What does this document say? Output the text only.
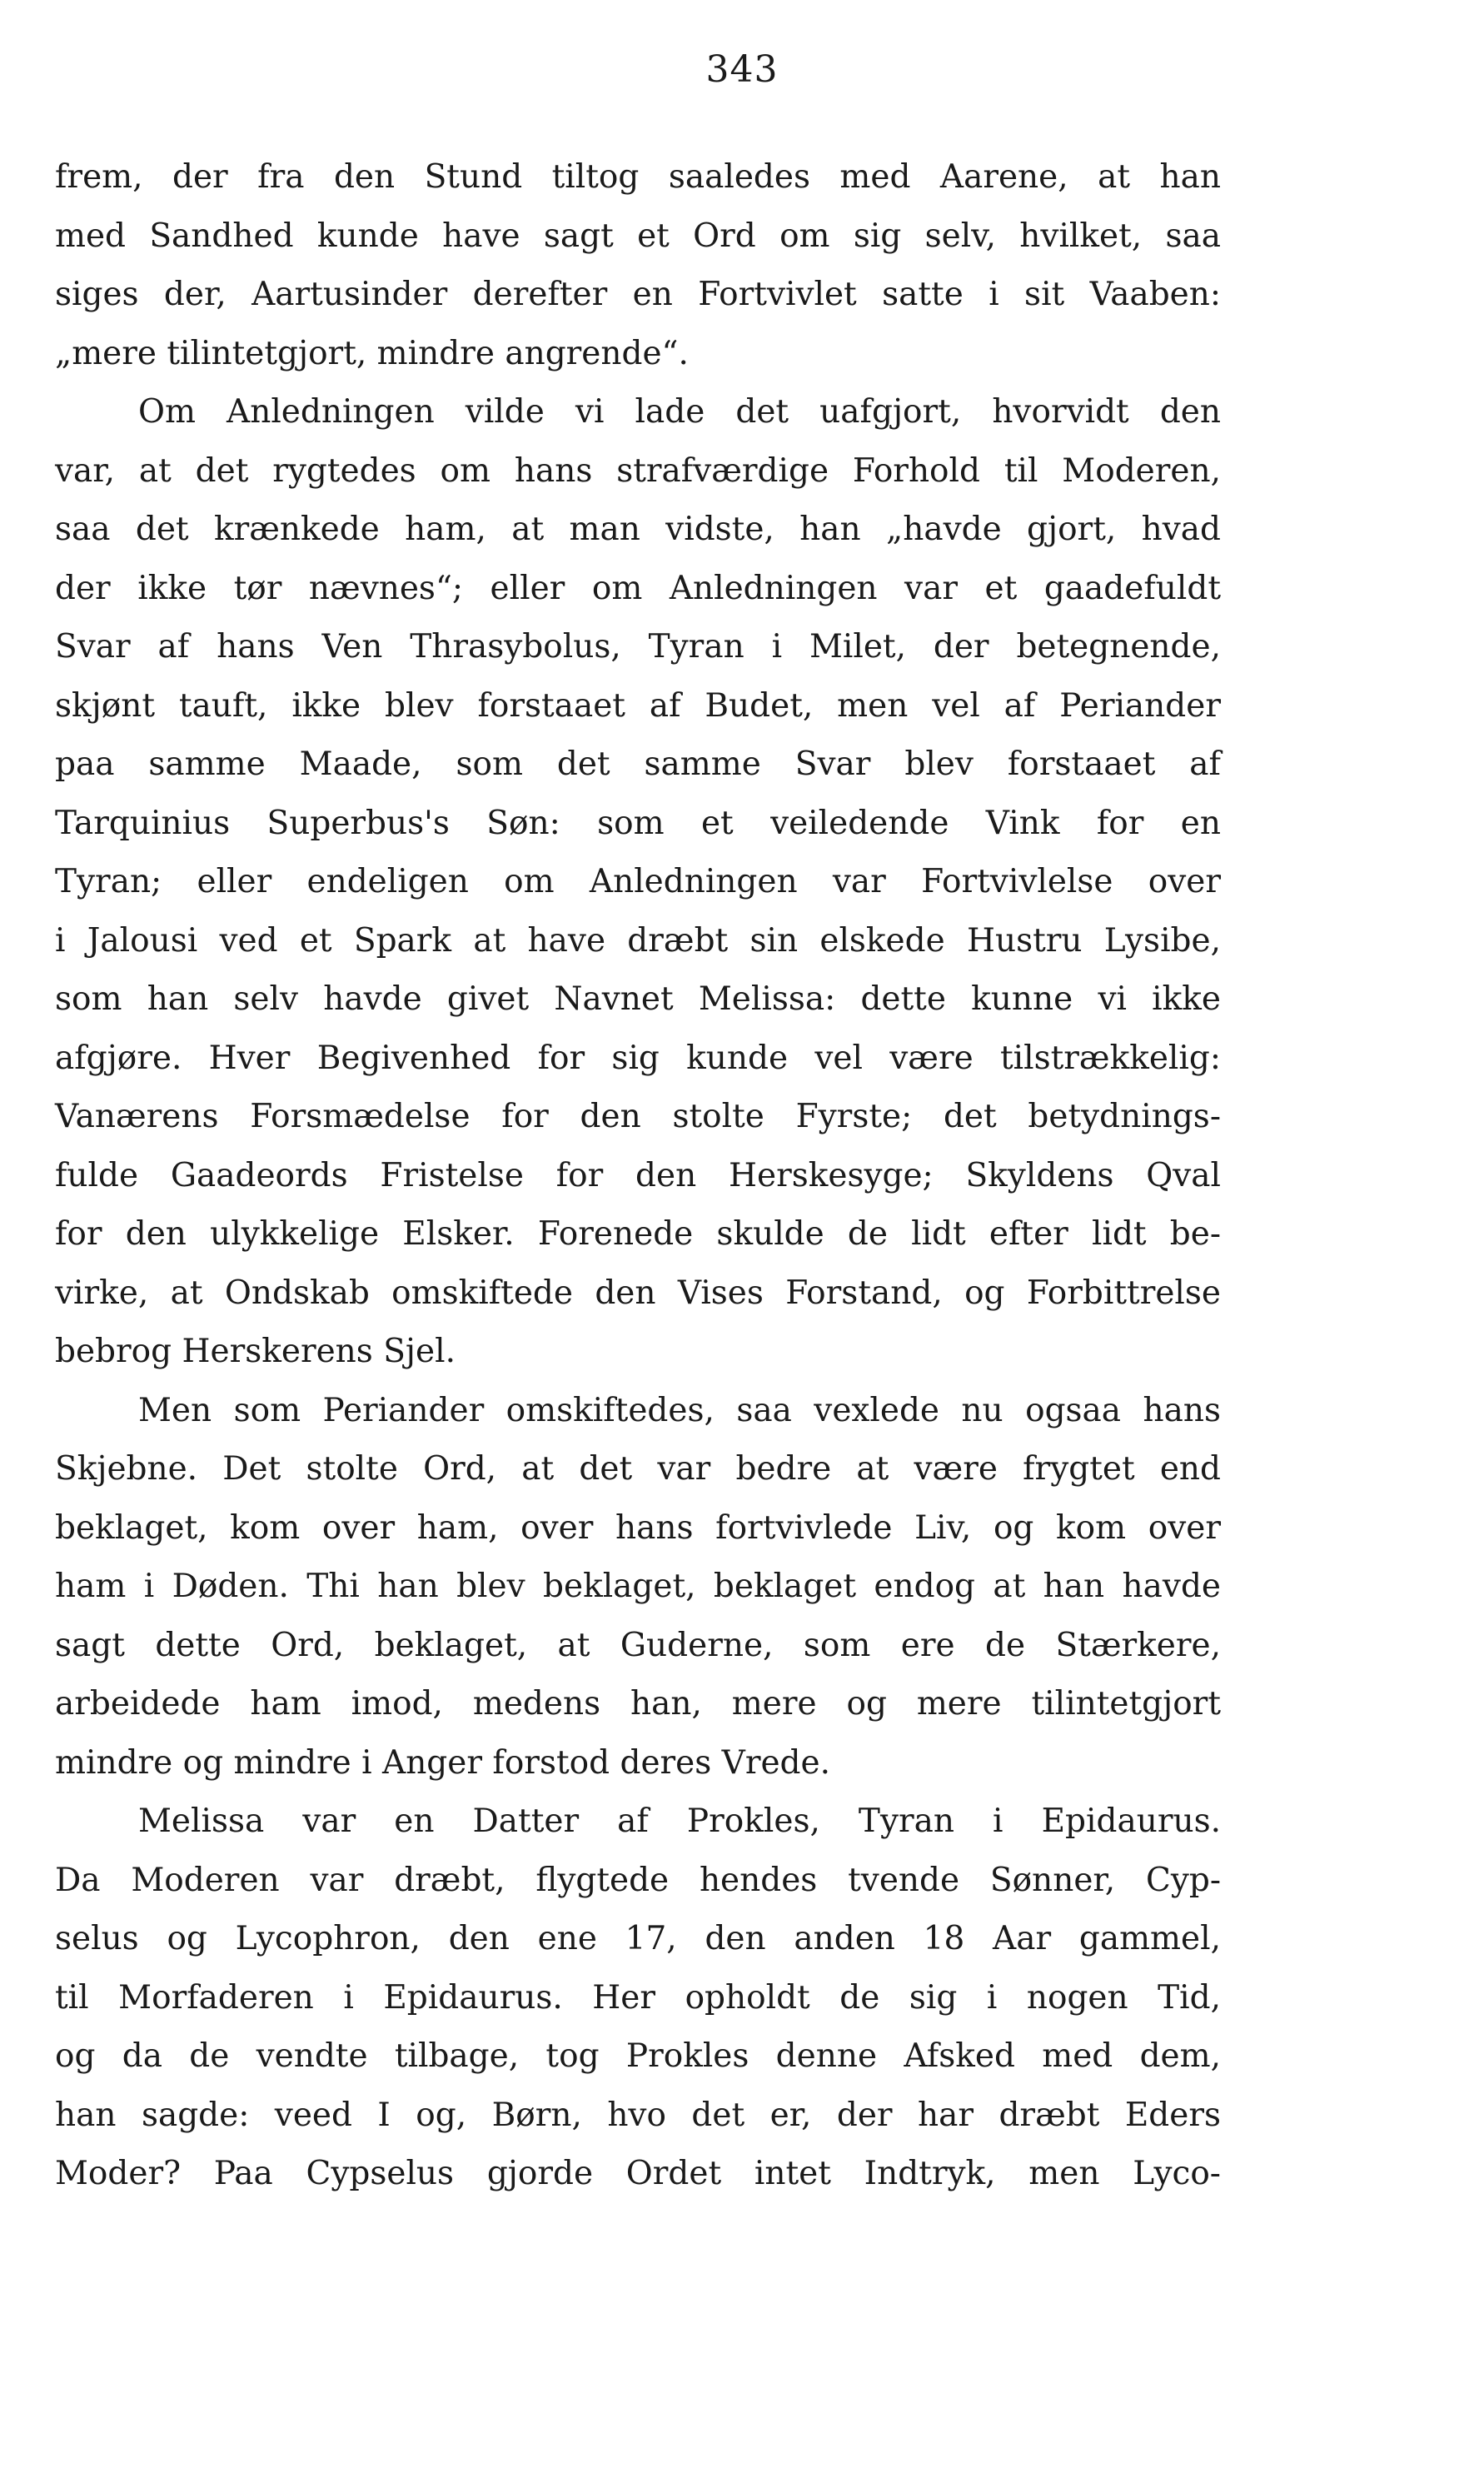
343
frem, der fra den Stund tiltog saaledes med Aarene, at han
med Sandhed kunde have sagt et Ord om sig selv, hvilket, saa
siges der, Aartusinder derefter en Fortvivlet satte i sit Vaaben:
„mere tilintetgjort, mindre angrende“.
Om Anledningen vilde vi lade det uafgjort, hvorvidt den
var, at det rygtedes om hans strafværdige Forhold til Moderen,
saa det krænkede ham, at man vidste, han „havde gjort, hvad
der ikke tør nævnes“; eller om Anledningen var et gaadefuldt
Svar af hans Ven Thrasybolus, Tyran i Milet, der betegnende,
skjønt tauft, ikke blev forstaaet af Budet, men vel af Periander
paa samme Maade, som det samme Svar blev forstaaet af
Tarquinius Superbus's Søn: som et veiledende Vink for en
Tyran; eller endeligen om Anledningen var Fortvivlelse over
i Jalousi ved et Spark at have dræbt sin elskede Hustru Lysibe,
som han selv havde givet Navnet Melissa: dette kunne vi ikke
afgjøre. Hver Begivenhed for sig kunde vel være tilstrækkelig:
Vanærens Forsmædelse for den stolte Fyrste; det betydnings-
fulde Gaadeords Fristelse for den Herskesyge; Skyldens Qval
for den ulykkelige Elsker. Forenede skulde de lidt efter lidt be-
virke, at Ondskab omskiftede den Vises Forstand, og Forbittrelse
bebrog Herskerens Sjel.
Men som Periander omskiftedes, saa vexlede nu ogsaa hans
Skjebne. Det stolte Ord, at det var bedre at være frygtet end
beklaget, kom over ham, over hans fortvivlede Liv, og kom over
ham i Døden. Thi han blev beklaget, beklaget endog at han havde
sagt dette Ord, beklaget, at Guderne, som ere de Stærkere,
arbeidede ham imod, medens han, mere og mere tilintetgjort
mindre og mindre i Anger forstod deres Vrede.
Melissa var en Datter af Prokles, Tyran i Epidaurus.
Da Moderen var dræbt, flygtede hendes tvende Sønner, Cyp-
selus og Lycophron, den ene 17, den anden 18 Aar gammel,
til Morfaderen i Epidaurus. Her opholdt de sig i nogen Tid,
og da de vendte tilbage, tog Prokles denne Afsked med dem,
han sagde: veed I og, Børn, hvo det er, der har dræbt Eders
Moder? Paa Cypselus gjorde Ordet intet Indtryk, men Lyco-
